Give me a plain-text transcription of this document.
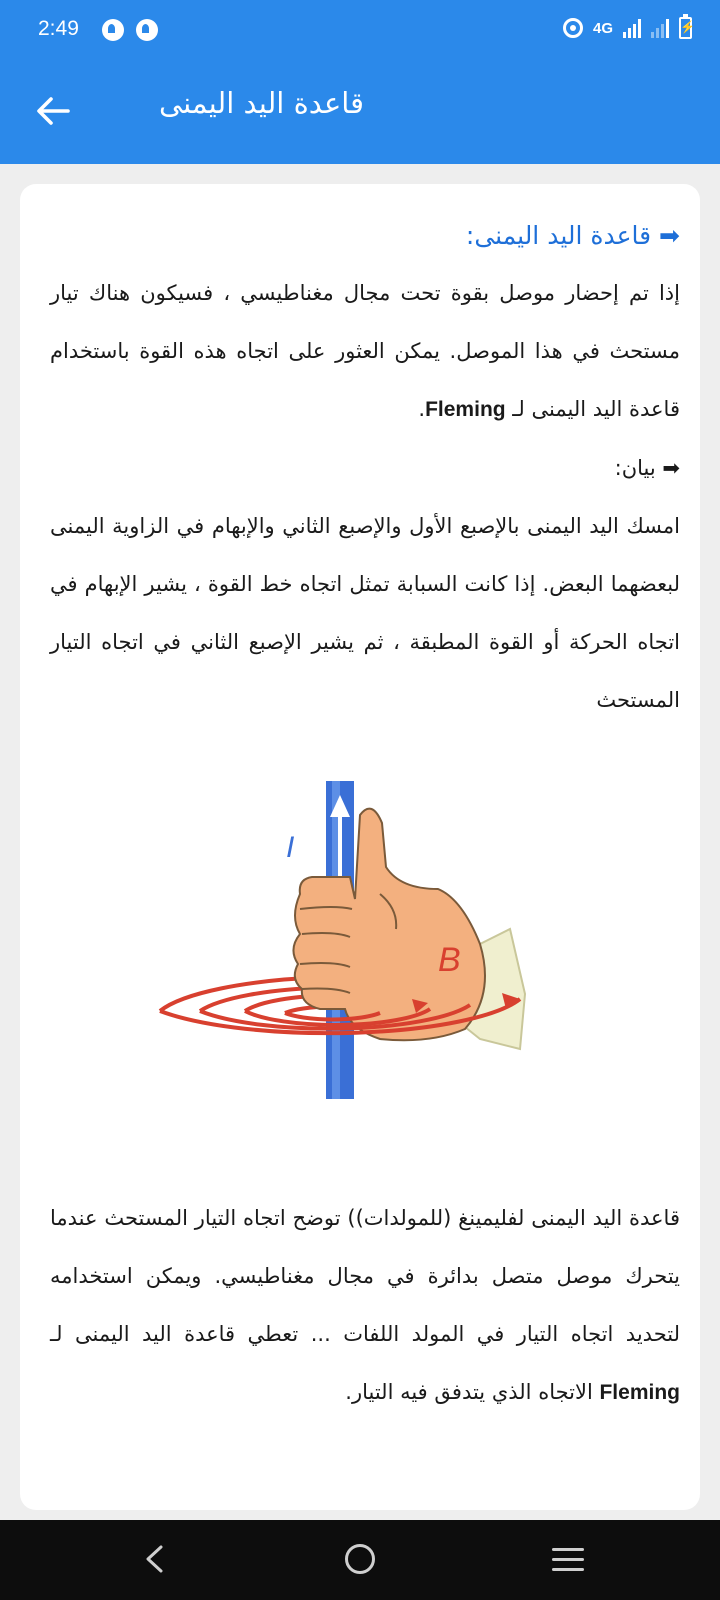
2:49	4G
⚡
قاعدة اليد اليمنى
➡ قاعدة اليد اليمنى:

إذا تم إحضار موصل بقوة تحت مجال مغناطيسي ، فسيكون هناك تيار مستحث في هذا الموصل. يمكن العثور على اتجاه هذه القوة باستخدام قاعدة اليد اليمنى لـ Fleming.

➡ بيان:

امسك اليد اليمنى بالإصبع الأول والإصبع الثاني والإبهام في الزاوية اليمنى لبعضهما البعض. إذا كانت السبابة تمثل اتجاه خط القوة ، يشير الإبهام في اتجاه الحركة أو القوة المطبقة ، ثم يشير الإصبع الثاني في اتجاه التيار المستحث

I
B

قاعدة اليد اليمنى لفليمينغ (للمولدات)) توضح اتجاه التيار المستحث عندما يتحرك موصل متصل بدائرة في مجال مغناطيسي. ويمكن استخدامه لتحديد اتجاه التيار في المولد اللفات ... تعطي قاعدة اليد اليمنى لـ Fleming الاتجاه الذي يتدفق فيه التيار.
